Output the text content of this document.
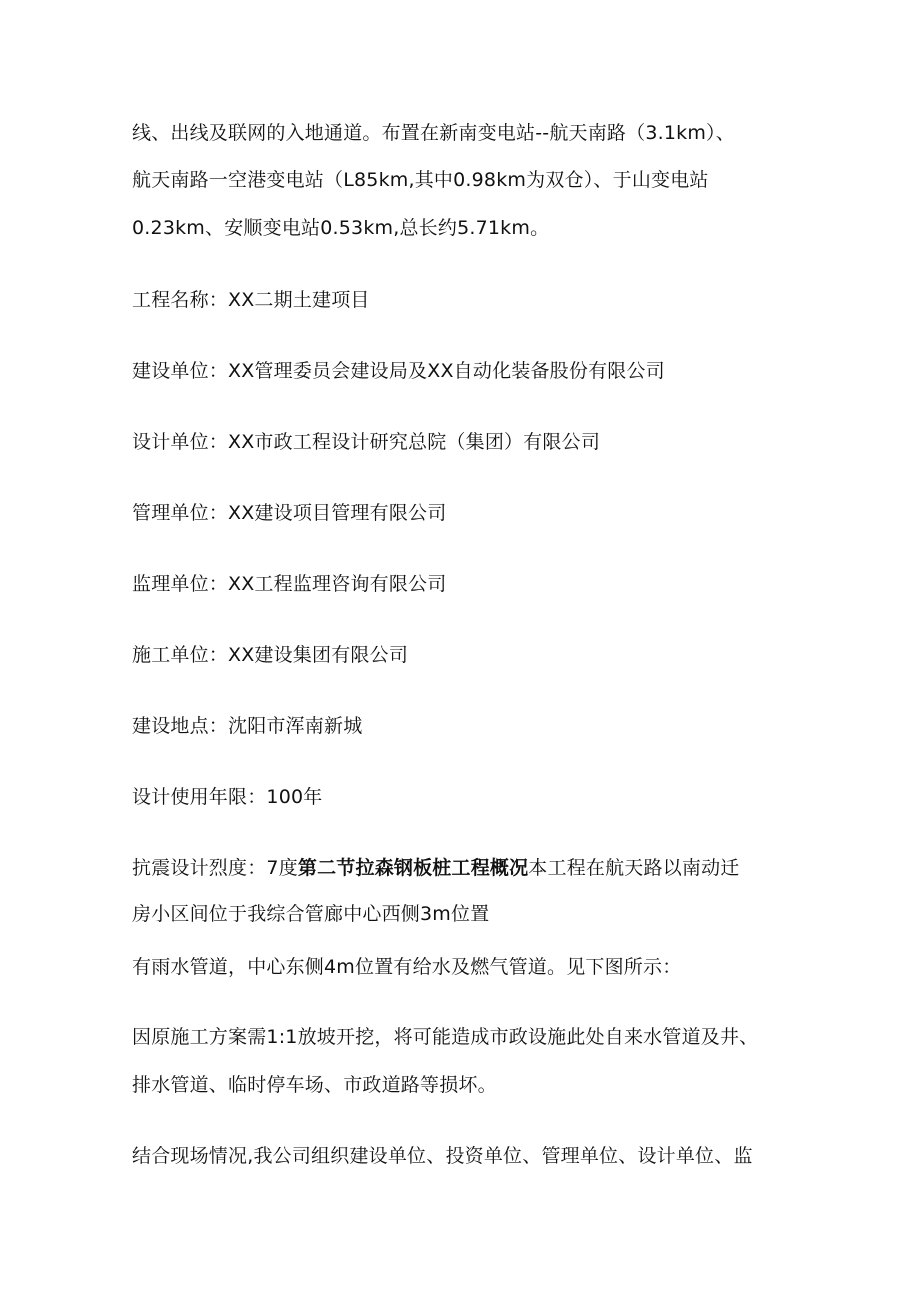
线、出线及联网的入地通道。布置在新南变电站--航天南路（3.1km）、
航天南路一空港变电站（L85km,其中0.98km为双仓）、于山变电站
0.23km、安顺变电站0.53km,总长约5.71km。
工程名称：XX二期土建项目
建设单位：XX管理委员会建设局及XX自动化装备股份有限公司
设计单位：XX市政工程设计研究总院（集团）有限公司
管理单位：XX建设项目管理有限公司
监理单位：XX工程监理咨询有限公司
施工单位：XX建设集团有限公司
建设地点：沈阳市浑南新城
设计使用年限：100年
抗震设计烈度：7度第二节拉森钢板桩工程概况本工程在航天路以南动迁
房小区间位于我综合管廊中心西侧3m位置
有雨水管道，中心东侧4m位置有给水及燃气管道。见下图所示：
因原施工方案需1:1放坡开挖，将可能造成市政设施此处自来水管道及井、
排水管道、临时停车场、市政道路等损坏。
结合现场情况,我公司组织建设单位、投资单位、管理单位、设计单位、监
